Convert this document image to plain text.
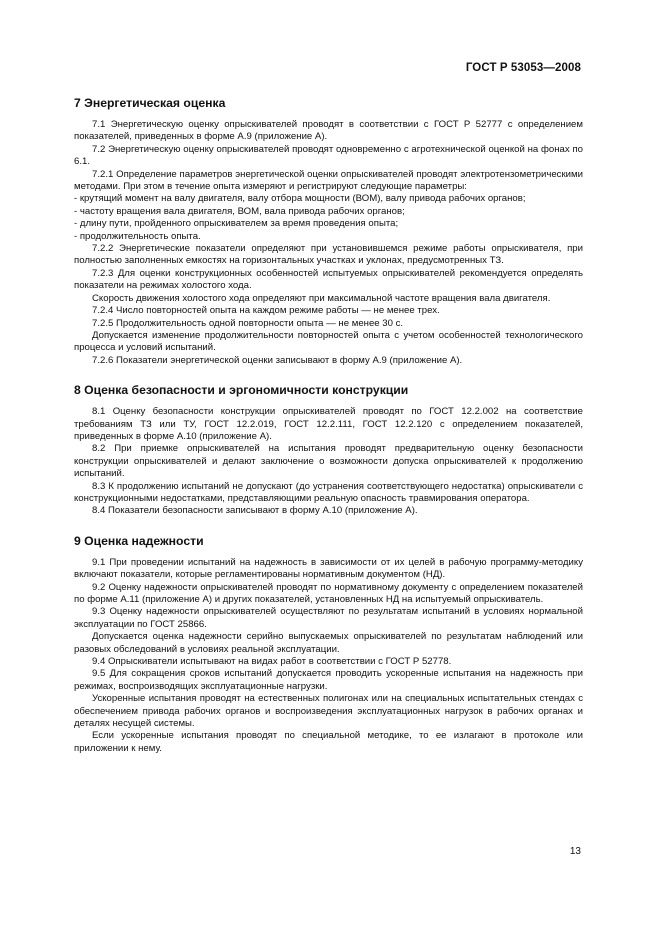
ГОСТ Р 53053—2008

7 Энергетическая оценка

7.1 Энергетическую оценку опрыскивателей проводят в соответствии с ГОСТ Р 52777 с определением показателей, приведенных в форме А.9 (приложение А).

7.2 Энергетическую оценку опрыскивателей проводят одновременно с агротехнической оценкой на фонах по 6.1.

7.2.1 Определение параметров энергетической оценки опрыскивателей проводят электротензометрическими методами. При этом в течение опыта измеряют и регистрируют следующие параметры:

- крутящий момент на валу двигателя, валу отбора мощности (ВОМ), валу привода рабочих органов;

- частоту вращения вала двигателя, ВОМ, вала привода рабочих органов;

- длину пути, пройденного опрыскивателем за время проведения опыта;

- продолжительность опыта.

7.2.2 Энергетические показатели определяют при установившемся режиме работы опрыскивателя, при полностью заполненных емкостях на горизонтальных участках и уклонах, предусмотренных ТЗ.

7.2.3 Для оценки конструкционных особенностей испытуемых опрыскивателей рекомендуется определять показатели на режимах холостого хода.

Скорость движения холостого хода определяют при максимальной частоте вращения вала двигателя.

7.2.4 Число повторностей опыта на каждом режиме работы — не менее трех.

7.2.5 Продолжительность одной повторности опыта — не менее 30 с.

Допускается изменение продолжительности повторностей опыта с учетом особенностей технологического процесса и условий испытаний.

7.2.6 Показатели энергетической оценки записывают в форму А.9 (приложение А).

8 Оценка безопасности и эргономичности конструкции

8.1 Оценку безопасности конструкции опрыскивателей проводят по ГОСТ 12.2.002 на соответствие требованиям ТЗ или ТУ, ГОСТ 12.2.019, ГОСТ 12.2.111, ГОСТ 12.2.120 с определением показателей, приведенных в форме А.10 (приложение А).

8.2 При приемке опрыскивателей на испытания проводят предварительную оценку безопасности конструкции опрыскивателей и делают заключение о возможности допуска опрыскивателей к продолжению испытаний.

8.3 К продолжению испытаний не допускают (до устранения соответствующего недостатка) опрыскиватели с конструкционными недостатками, представляющими реальную опасность травмирования оператора.

8.4 Показатели безопасности записывают в форму А.10 (приложение А).

9 Оценка надежности

9.1 При проведении испытаний на надежность в зависимости от их целей в рабочую программу-методику включают показатели, которые регламентированы нормативным документом (НД).

9.2 Оценку надежности опрыскивателей проводят по нормативному документу с определением показателей по форме А.11 (приложение А) и других показателей, установленных НД на испытуемый опрыскиватель.

9.3 Оценку надежности опрыскивателей осуществляют по результатам испытаний в условиях нормальной эксплуатации по ГОСТ 25866.

Допускается оценка надежности серийно выпускаемых опрыскивателей по результатам наблюдений или разовых обследований в условиях реальной эксплуатации.

9.4 Опрыскиватели испытывают на видах работ в соответствии с ГОСТ Р 52778.

9.5 Для сокращения сроков испытаний допускается проводить ускоренные испытания на надежность при режимах, воспроизводящих эксплуатационные нагрузки.

Ускоренные испытания проводят на естественных полигонах или на специальных испытательных стендах с обеспечением привода рабочих органов и воспроизведения эксплуатационных нагрузок в рабочих органах и деталях несущей системы.

Если ускоренные испытания проводят по специальной методике, то ее излагают в протоколе или приложении к нему.

13
